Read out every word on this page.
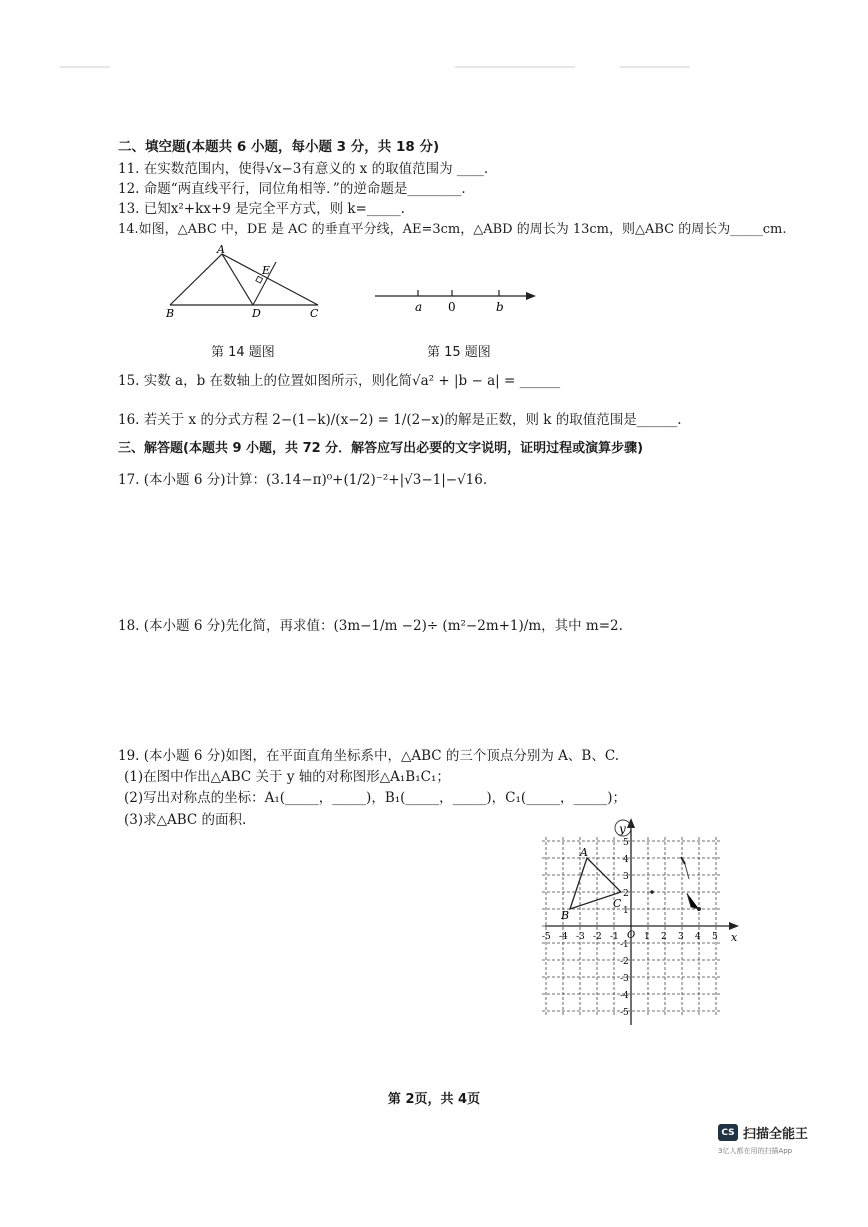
二、填空题(本题共 6 小题，每小题 3 分，共 18 分)
11. 在实数范围内，使得√x−3有意义的 x 的取值范围为 ____.
12. 命题“两直线平行，同位角相等．”的逆命题是________.
13. 已知x²+kx+9 是完全平方式，则 k=_____.
14.如图，△ABC 中，DE 是 AC 的垂直平分线，AE=3cm，△ABD 的周长为 13cm，则△ABC 的周长为_____cm.
A
B	C
D
E
a 0	b
第 14 题图	第 15 题图
15. 实数 a，b 在数轴上的位置如图所示，则化简√a² + |b − a| = ______
16. 若关于 x 的分式方程 2−(1−k)/(x−2) = 1/(2−x)的解是正数，则 k 的取值范围是______.
三、解答题(本题共 9 小题，共 72 分．解答应写出必要的文字说明，证明过程或演算步骤)
17. (本小题 6 分)计算：(3.14−π)⁰+(1/2)⁻²+|√3−1|−√16.
18. (本小题 6 分)先化简，再求值：(3m−1/m −2)÷ (m²−2m+1)/m，其中 m=2.
19. (本小题 6 分)如图，在平面直角坐标系中，△ABC 的三个顶点分别为 A、B、C.
(1)在图中作出△ABC 关于 y 轴的对称图形△A₁B₁C₁；
(2)写出对称点的坐标：A₁(_____，_____)，B₁(_____，_____)，C₁(_____，_____)；
(3)求△ABC 的面积.
y
x
O
-5 -4 -3 -2 -1	1 2 3 4 5
5
4
3
2
1
-1
-2
-3
-4
-5
A
B
C
第 2页，共 4页
CS 扫描全能王
3亿人都在用的扫描App
